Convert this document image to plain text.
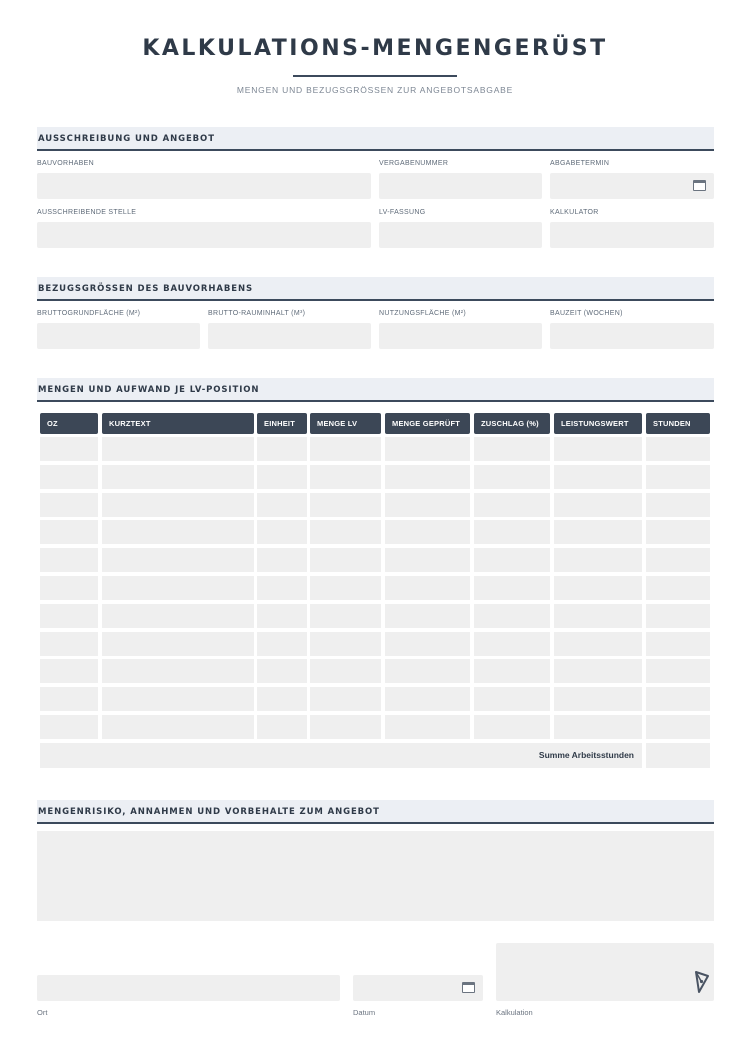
KALKULATIONS-MENGENGERÜST
MENGEN UND BEZUGSGRÖSSEN ZUR ANGEBOTSABGABE
AUSSCHREIBUNG UND ANGEBOT
BAUVORHABEN	VERGABENUMMER	ABGABETERMIN
AUSSCHREIBENDE STELLE	LV-FASSUNG	KALKULATOR
BEZUGSGRÖSSEN DES BAUVORHABENS
BRUTTOGRUNDFLÄCHE (M²)	BRUTTO-RAUMINHALT (M³)	NUTZUNGSFLÄCHE (M²)	BAUZEIT (WOCHEN)
MENGEN UND AUFWAND JE LV-POSITION
OZ	KURZTEXT	EINHEIT	MENGE LV	MENGE GEPRÜFT	ZUSCHLAG (%)	LEISTUNGSWERT	STUNDEN
Summe Arbeitsstunden
MENGENRISIKO, ANNAHMEN UND VORBEHALTE ZUM ANGEBOT
Ort	Datum	Kalkulation
